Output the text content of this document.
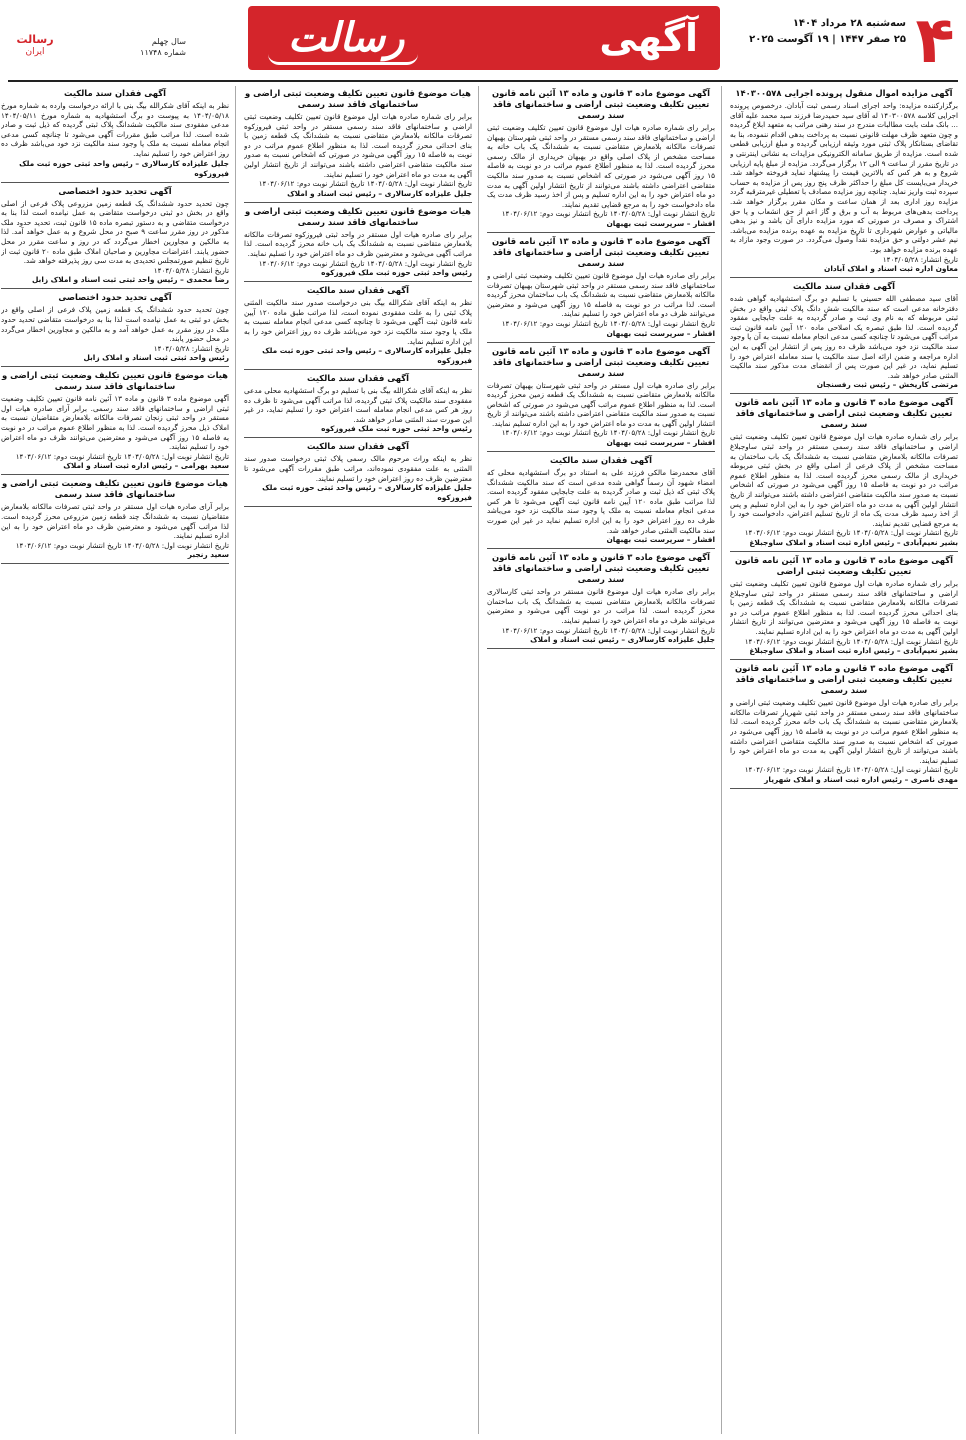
۴
سه‌شنبه ۲۸ مرداد ۱۴۰۴
۲۵ صفر ۱۴۴۷ | ۱۹ آگوست ۲۰۲۵
آگهی
رسالت
رسالت
ایران
سال چهلم
شماره ۱۱۷۴۸
آگهی مزایده اموال منقول پرونده اجرایی ۱۴۰۳۰۰۵۷۸
برگزارکننده مزایده: واحد اجرای اسناد رسمی ثبت آبادان. درخصوص پرونده اجرایی کلاسه ۱۴۰۳۰۰۵۷۸ له آقای سید حمیدرضا فرزند سید محمد علیه آقای ... بانک ملت بابت مطالبات مندرج در سند رهنی مراتب به متعهد ابلاغ گردیده و چون متعهد ظرف مهلت قانونی نسبت به پرداخت بدهی اقدام ننموده، بنا به تقاضای بستانکار پلاک ثبتی مورد وثیقه ارزیابی گردیده و مبلغ ارزیابی قطعی شده است. مزایده از طریق سامانه الکترونیکی مزایدات به نشانی اینترنتی و در تاریخ مقرر از ساعت ۹ الی ۱۲ برگزار می‌گردد. مزایده از مبلغ پایه ارزیابی شروع و به هر کس که بالاترین قیمت را پیشنهاد نماید فروخته خواهد شد. خریدار می‌بایست کل مبلغ را حداکثر ظرف پنج روز پس از مزایده به حساب سپرده ثبت واریز نماید. چنانچه روز مزایده مصادف با تعطیلی غیرمترقبه گردد مزایده روز اداری بعد از همان ساعت و مکان مقرر برگزار خواهد شد. پرداخت بدهی‌های مربوط به آب و برق و گاز اعم از حق انشعاب و یا حق اشتراک و مصرف در صورتی که مورد مزایده دارای آن باشد و نیز بدهی مالیاتی و عوارض شهرداری تا تاریخ مزایده به عهده برنده مزایده می‌باشد. نیم عشر دولتی و حق مزایده نقداً وصول می‌گردد. در صورت وجود مازاد به عهده برنده مزایده خواهد بود.
تاریخ انتشار: ۱۴۰۴/۰۵/۲۸
معاون اداره ثبت اسناد و املاک آبادان
آگهی فقدان سند مالکیت
آقای سید مصطفی الله حسینی با تسلیم دو برگ استشهادیه گواهی شده دفترخانه مدعی است که سند مالکیت شش دانگ پلاک ثبتی واقع در بخش ثبتی مربوطه که به نام وی ثبت و صادر گردیده به علت جابجایی مفقود گردیده است. لذا طبق تبصره یک اصلاحی ماده ۱۲۰ آیین نامه قانون ثبت مراتب آگهی می‌شود تا چنانچه کسی مدعی انجام معامله نسبت به آن یا وجود سند مالکیت نزد خود می‌باشد ظرف ده روز پس از انتشار این آگهی به این اداره مراجعه و ضمن ارائه اصل سند مالکیت یا سند معامله اعتراض خود را تسلیم نماید، در غیر این صورت پس از انقضای مدت مذکور سند مالکیت المثنی صادر خواهد شد.
مرتضی کاریخش – رئیس ثبت رفسنجان
آگهی موضوع ماده ۳ قانون و ماده ۱۳ آئین نامه قانون تعیین تکلیف وضعیت ثبتی اراضی و ساختمانهای فاقد سند رسمی
برابر رای شماره صادره هیات اول موضوع قانون تعیین تکلیف وضعیت ثبتی اراضی و ساختمانهای فاقد سند رسمی مستقر در واحد ثبتی ساوجبلاغ تصرفات مالکانه بلامعارض متقاضی نسبت به ششدانگ یک باب ساختمان به مساحت مشخص از پلاک فرعی از اصلی واقع در بخش ثبتی مربوطه خریداری از مالک رسمی محرز گردیده است. لذا به منظور اطلاع عموم مراتب در دو نوبت به فاصله ۱۵ روز آگهی می‌شود در صورتی که اشخاص نسبت به صدور سند مالکیت متقاضی اعتراضی داشته باشند می‌توانند از تاریخ انتشار اولین آگهی به مدت دو ماه اعتراض خود را به این اداره تسلیم و پس از اخذ رسید ظرف مدت یک ماه از تاریخ تسلیم اعتراض، دادخواست خود را به مرجع قضایی تقدیم نمایند.
تاریخ انتشار نوبت اول: ۱۴۰۴/۰۵/۲۸ تاریخ انتشار نوبت دوم: ۱۴۰۴/۰۶/۱۲
بشیر نعیم‌آبادی – رئیس اداره ثبت اسناد و املاک ساوجبلاغ
آگهی موضوع ماده ۳ قانون و ماده ۱۳ آئین نامه قانون تعیین تکلیف وضعیت ثبتی اراضی
برابر رای شماره صادره هیات اول موضوع قانون تعیین تکلیف وضعیت ثبتی اراضی و ساختمانهای فاقد سند رسمی مستقر در واحد ثبتی ساوجبلاغ تصرفات مالکانه بلامعارض متقاضی نسبت به ششدانگ یک قطعه زمین با بنای احداثی محرز گردیده است. لذا به منظور اطلاع عموم مراتب در دو نوبت به فاصله ۱۵ روز آگهی می‌شود و معترضین می‌توانند از تاریخ انتشار اولین آگهی به مدت دو ماه اعتراض خود را به این اداره تسلیم نمایند.
تاریخ انتشار نوبت اول: ۱۴۰۴/۰۵/۲۸ تاریخ انتشار نوبت دوم: ۱۴۰۴/۰۶/۱۲
بشیر نعیم‌آبادی – رئیس اداره ثبت اسناد و املاک ساوجبلاغ
آگهی موضوع ماده ۳ قانون و ماده ۱۳ آئین نامه قانون تعیین تکلیف وضعیت ثبتی اراضی و ساختمانهای فاقد سند رسمی
برابر رای صادره هیات اول موضوع قانون تعیین تکلیف وضعیت ثبتی اراضی و ساختمانهای فاقد سند رسمی مستقر در واحد ثبتی شهریار تصرفات مالکانه بلامعارض متقاضی نسبت به ششدانگ یک باب خانه محرز گردیده است. لذا به منظور اطلاع عموم مراتب در دو نوبت به فاصله ۱۵ روز آگهی می‌شود در صورتی که اشخاص نسبت به صدور سند مالکیت متقاضی اعتراضی داشته باشند می‌توانند از تاریخ انتشار اولین آگهی به مدت دو ماه اعتراض خود را تسلیم نمایند.
تاریخ انتشار نوبت اول: ۱۴۰۴/۰۵/۲۸ تاریخ انتشار نوبت دوم: ۱۴۰۴/۰۶/۱۲
مهدی ناصری – رئیس اداره ثبت اسناد و املاک شهریار
آگهی موضوع ماده ۳ قانون و ماده ۱۳ آئین نامه قانون تعیین تکلیف وضعیت ثبتی اراضی و ساختمانهای فاقد سند رسمی
برابر رای شماره صادره هیات اول موضوع قانون تعیین تکلیف وضعیت ثبتی اراضی و ساختمانهای فاقد سند رسمی مستقر در واحد ثبتی شهرستان بهبهان تصرفات مالکانه بلامعارض متقاضی نسبت به ششدانگ یک باب خانه به مساحت مشخص از پلاک اصلی واقع در بهبهان خریداری از مالک رسمی محرز گردیده است. لذا به منظور اطلاع عموم مراتب در دو نوبت به فاصله ۱۵ روز آگهی می‌شود در صورتی که اشخاص نسبت به صدور سند مالکیت متقاضی اعتراضی داشته باشند می‌توانند از تاریخ انتشار اولین آگهی به مدت دو ماه اعتراض خود را به این اداره تسلیم و پس از اخذ رسید ظرف مدت یک ماه دادخواست خود را به مرجع قضایی تقدیم نمایند.
تاریخ انتشار نوبت اول: ۱۴۰۴/۰۵/۲۸ تاریخ انتشار نوبت دوم: ۱۴۰۴/۰۶/۱۲
افشار – سرپرست ثبت بهبهان
آگهی موضوع ماده ۳ قانون و ماده ۱۳ آئین نامه قانون تعیین تکلیف وضعیت ثبتی اراضی و ساختمانهای فاقد سند رسمی
برابر رای صادره هیات اول موضوع قانون تعیین تکلیف وضعیت ثبتی اراضی و ساختمانهای فاقد سند رسمی مستقر در واحد ثبتی شهرستان بهبهان تصرفات مالکانه بلامعارض متقاضی نسبت به ششدانگ یک باب ساختمان محرز گردیده است. لذا مراتب در دو نوبت به فاصله ۱۵ روز آگهی می‌شود و معترضین می‌توانند ظرف دو ماه اعتراض خود را تسلیم نمایند.
تاریخ انتشار نوبت اول: ۱۴۰۴/۰۵/۲۸ تاریخ انتشار نوبت دوم: ۱۴۰۴/۰۶/۱۲
افشار – سرپرست ثبت بهبهان
آگهی موضوع ماده ۳ قانون و ماده ۱۳ آئین نامه قانون تعیین تکلیف وضعیت ثبتی اراضی و ساختمانهای فاقد سند رسمی
برابر رای صادره هیات اول مستقر در واحد ثبتی شهرستان بهبهان تصرفات مالکانه بلامعارض متقاضی نسبت به ششدانگ یک قطعه زمین محرز گردیده است. لذا به منظور اطلاع عموم مراتب آگهی می‌شود در صورتی که اشخاص نسبت به صدور سند مالکیت متقاضی اعتراضی داشته باشند می‌توانند از تاریخ انتشار اولین آگهی به مدت دو ماه اعتراض خود را به این اداره تسلیم نمایند.
تاریخ انتشار نوبت اول: ۱۴۰۴/۰۵/۲۸ تاریخ انتشار نوبت دوم: ۱۴۰۴/۰۶/۱۲
افشار – سرپرست ثبت بهبهان
آگهی فقدان سند مالکیت
آقای محمدرضا مالکی فرزند علی به استناد دو برگ استشهادیه محلی که امضاء شهود آن رسماً گواهی شده مدعی است که سند مالکیت ششدانگ پلاک ثبتی که ذیل ثبت و صادر گردیده به علت جابجایی مفقود گردیده است. لذا مراتب طبق ماده ۱۲۰ آیین نامه قانون ثبت آگهی می‌شود تا هر کس مدعی انجام معامله نسبت به ملک یا وجود سند مالکیت نزد خود می‌باشد ظرف ده روز اعتراض خود را به این اداره تسلیم نماید در غیر این صورت سند مالکیت المثنی صادر خواهد شد.
افشار – سرپرست ثبت بهبهان
آگهی موضوع ماده ۳ قانون و ماده ۱۳ آئین نامه قانون تعیین تکلیف وضعیت ثبتی اراضی و ساختمانهای فاقد سند رسمی
برابر رای صادره هیات اول موضوع قانون مستقر در واحد ثبتی کارسالاری تصرفات مالکانه بلامعارض متقاضی نسبت به ششدانگ یک باب ساختمان محرز گردیده است. لذا مراتب در دو نوبت آگهی می‌شود و معترضین می‌توانند ظرف دو ماه اعتراض خود را تسلیم نمایند.
تاریخ انتشار نوبت اول: ۱۴۰۴/۰۵/۲۸ تاریخ انتشار نوبت دوم: ۱۴۰۴/۰۶/۱۲
جلیل علیزاده کارسالاری – رئیس ثبت اسناد و املاک
هیات موضوع قانون تعیین تکلیف وضعیت ثبتی اراضی و ساختمانهای فاقد سند رسمی
برابر رای شماره صادره هیات اول موضوع قانون تعیین تکلیف وضعیت ثبتی اراضی و ساختمانهای فاقد سند رسمی مستقر در واحد ثبتی فیروزکوه تصرفات مالکانه بلامعارض متقاضی نسبت به ششدانگ یک قطعه زمین با بنای احداثی محرز گردیده است. لذا به منظور اطلاع عموم مراتب در دو نوبت به فاصله ۱۵ روز آگهی می‌شود در صورتی که اشخاص نسبت به صدور سند مالکیت متقاضی اعتراضی داشته باشند می‌توانند از تاریخ انتشار اولین آگهی به مدت دو ماه اعتراض خود را تسلیم نمایند.
تاریخ انتشار نوبت اول: ۱۴۰۴/۰۵/۲۸ تاریخ انتشار نوبت دوم: ۱۴۰۴/۰۶/۱۲
جلیل علیزاده کارسالاری – رئیس ثبت اسناد و املاک
هیات موضوع قانون تعیین تکلیف وضعیت ثبتی اراضی و ساختمانهای فاقد سند رسمی
برابر رای صادره هیات اول مستقر در واحد ثبتی فیروزکوه تصرفات مالکانه بلامعارض متقاضی نسبت به ششدانگ یک باب خانه محرز گردیده است. لذا مراتب آگهی می‌شود و معترضین ظرف دو ماه اعتراض خود را تسلیم نمایند.
تاریخ انتشار نوبت اول: ۱۴۰۴/۰۵/۲۸ تاریخ انتشار نوبت دوم: ۱۴۰۴/۰۶/۱۲
رئیس واحد ثبتی حوزه ثبت ملک فیروزکوه
آگهی فقدان سند مالکیت
نظر به اینکه آقای شکرالله بیگ بنی درخواست صدور سند مالکیت المثنی پلاک ثبتی را به علت مفقودی نموده است، لذا مراتب طبق ماده ۱۲۰ آیین نامه قانون ثبت آگهی می‌شود تا چنانچه کسی مدعی انجام معامله نسبت به ملک یا وجود سند مالکیت نزد خود می‌باشد ظرف ده روز اعتراض خود را به این اداره تسلیم نماید.
جلیل علیزاده کارسالاری – رئیس واحد ثبتی حوزه ثبت ملک فیروزکوه
آگهی فقدان سند مالکیت
نظر به اینکه آقای شکرالله بیگ بنی با تسلیم دو برگ استشهادیه محلی مدعی مفقودی سند مالکیت پلاک ثبتی گردیده، لذا مراتب آگهی می‌شود تا ظرف ده روز هر کس مدعی انجام معامله است اعتراض خود را تسلیم نماید، در غیر این صورت سند المثنی صادر خواهد شد.
رئیس واحد ثبتی حوزه ثبت ملک فیروزکوه
آگهی فقدان سند مالکیت
نظر به اینکه وراث مرحوم مالک رسمی پلاک ثبتی درخواست صدور سند المثنی به علت مفقودی نموده‌اند، مراتب طبق مقررات آگهی می‌شود تا معترضین ظرف ده روز اعتراض خود را تسلیم نمایند.
جلیل علیزاده کارسالاری – رئیس واحد ثبتی حوزه ثبت ملک فیروزکوه
آگهی فقدان سند مالکیت
نظر به اینکه آقای شکرالله بیگ بنی با ارائه درخواست وارده به شماره مورخ ۱۴۰۴/۰۵/۱۸ به پیوست دو برگ استشهادیه به شماره مورخ ۱۴۰۴/۰۵/۱۱ مدعی مفقودی سند مالکیت ششدانگ پلاک ثبتی گردیده که ذیل ثبت و صادر شده است. لذا مراتب طبق مقررات آگهی می‌شود تا چنانچه کسی مدعی انجام معامله نسبت به ملک یا وجود سند مالکیت نزد خود می‌باشد ظرف ده روز اعتراض خود را تسلیم نماید.
جلیل علیزاده کارسالاری – رئیس واحد ثبتی حوزه ثبت ملک فیروزکوه
آگهی تحدید حدود اختصاصی
چون تحدید حدود ششدانگ یک قطعه زمین مزروعی پلاک فرعی از اصلی واقع در بخش دو ثبتی درخواست متقاضی به عمل نیامده است لذا بنا به درخواست متقاضی و به دستور تبصره ماده ۱۵ قانون ثبت، تحدید حدود ملک مذکور در روز مقرر ساعت ۹ صبح در محل شروع و به عمل خواهد آمد. لذا به مالکین و مجاورین اخطار می‌گردد که در روز و ساعت مقرر در محل حضور یابند. اعتراضات مجاورین و صاحبان املاک طبق ماده ۲۰ قانون ثبت از تاریخ تنظیم صورتمجلس تحدیدی به مدت سی روز پذیرفته خواهد شد.
تاریخ انتشار: ۱۴۰۴/۰۵/۲۸
رضا محمدی – رئیس واحد ثبتی ثبت اسناد و املاک زابل
آگهی تحدید حدود اختصاصی
چون تحدید حدود ششدانگ یک قطعه زمین پلاک فرعی از اصلی واقع در بخش دو ثبتی به عمل نیامده است لذا بنا به درخواست متقاضی تحدید حدود ملک در روز مقرر به عمل خواهد آمد و به مالکین و مجاورین اخطار می‌گردد در محل حضور یابند.
تاریخ انتشار: ۱۴۰۴/۰۵/۲۸
رئیس واحد ثبتی ثبت اسناد و املاک زابل
هیات موضوع قانون تعیین تکلیف وضعیت ثبتی اراضی و ساختمانهای فاقد سند رسمی
آگهی موضوع ماده ۳ قانون و ماده ۱۳ آئین نامه قانون تعیین تکلیف وضعیت ثبتی اراضی و ساختمانهای فاقد سند رسمی. برابر آرای صادره هیات اول مستقر در واحد ثبتی زنجان تصرفات مالکانه بلامعارض متقاضیان نسبت به املاک ذیل محرز گردیده است. لذا به منظور اطلاع عموم مراتب در دو نوبت به فاصله ۱۵ روز آگهی می‌شود و معترضین می‌توانند ظرف دو ماه اعتراض خود را تسلیم نمایند.
تاریخ انتشار نوبت اول: ۱۴۰۴/۰۵/۲۸ تاریخ انتشار نوبت دوم: ۱۴۰۴/۰۶/۱۲
سعید بهرامی – رئیس اداره ثبت اسناد و املاک
هیات موضوع قانون تعیین تکلیف وضعیت ثبتی اراضی و ساختمانهای فاقد سند رسمی
برابر آرای صادره هیات اول مستقر در واحد ثبتی تصرفات مالکانه بلامعارض متقاضیان نسبت به ششدانگ چند قطعه زمین مزروعی محرز گردیده است. لذا مراتب آگهی می‌شود و معترضین ظرف دو ماه اعتراض خود را به این اداره تسلیم نمایند.
تاریخ انتشار نوبت اول: ۱۴۰۴/۰۵/۲۸ تاریخ انتشار نوبت دوم: ۱۴۰۴/۰۶/۱۲
سعید رنجبر
